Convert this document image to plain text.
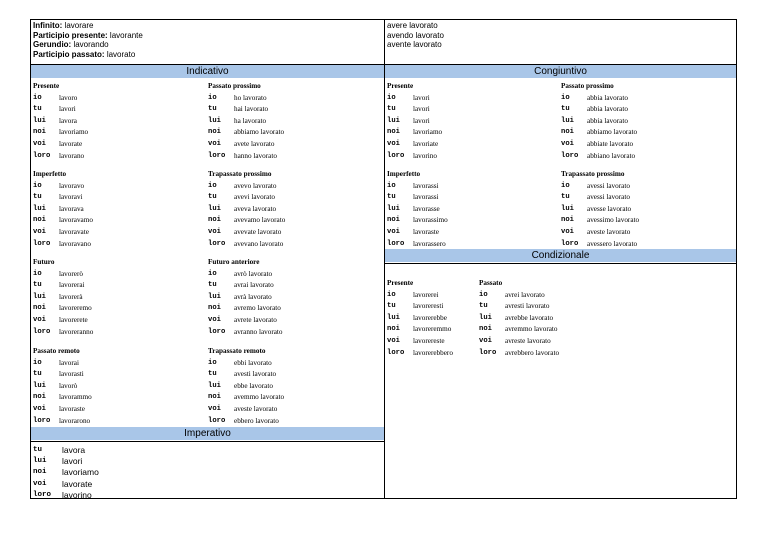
Infinito: lavorare
Participio presente: lavorante
Gerundio: lavorando
Participio passato: lavorato
avere lavorato
avendo lavorato
avente lavorato
Indicativo	Congiuntivo
Condizionale
Imperativo
Presente
io	lavoro
tu	lavori
lui	lavora
noi	lavoriamo
voi	lavorate
loro	lavorano
Imperfetto
io	lavoravo
tu	lavoravi
lui	lavorava
noi	lavoravamo
voi	lavoravate
loro	lavoravano
Futuro
io	lavorerò
tu	lavorerai
lui	lavorerà
noi	lavoreremo
voi	lavorerete
loro	lavoreranno
Passato remoto
io	lavorai
tu	lavorasti
lui	lavorò
noi	lavorammo
voi	lavoraste
loro	lavorarono
Passato prossimo
io	ho lavorato
tu	hai lavorato
lui	ha lavorato
noi	abbiamo lavorato
voi	avete lavorato
loro	hanno lavorato
Trapassato prossimo
io	avevo lavorato
tu	avevi lavorato
lui	aveva lavorato
noi	avevamo lavorato
voi	avevate lavorato
loro	avevano lavorato
Futuro anteriore
io	avrò lavorato
tu	avrai lavorato
lui	avrà lavorato
noi	avremo lavorato
voi	avrete lavorato
loro	avranno lavorato
Trapassato remoto
io	ebbi lavorato
tu	avesti lavorato
lui	ebbe lavorato
noi	avemmo lavorato
voi	aveste lavorato
loro	ebbero lavorato
Presente
io	lavori
tu	lavori
lui	lavori
noi	lavoriamo
voi	lavoriate
loro	lavorino
Passato prossimo
io	abbia lavorato
tu	abbia lavorato
lui	abbia lavorato
noi	abbiamo lavorato
voi	abbiate lavorato
loro	abbiano lavorato
Imperfetto
io	lavorassi
tu	lavorassi
lui	lavorasse
noi	lavorassimo
voi	lavoraste
loro	lavorassero
Trapassato prossimo
io	avessi lavorato
tu	avessi lavorato
lui	avesse lavorato
noi	avessimo lavorato
voi	aveste lavorato
loro	avessero lavorato
Presente
io	lavorerei
tu	lavoreresti
lui	lavorerebbe
noi	lavoreremmo
voi	lavorereste
loro	lavorerebbero
Passato
io	avrei lavorato
tu	avresti lavorato
lui	avrebbe lavorato
noi	avremmo lavorato
voi	avreste lavorato
loro	avrebbero lavorato
tu	lavora
lui	lavori
noi	lavoriamo
voi	lavorate
loro	lavorino
